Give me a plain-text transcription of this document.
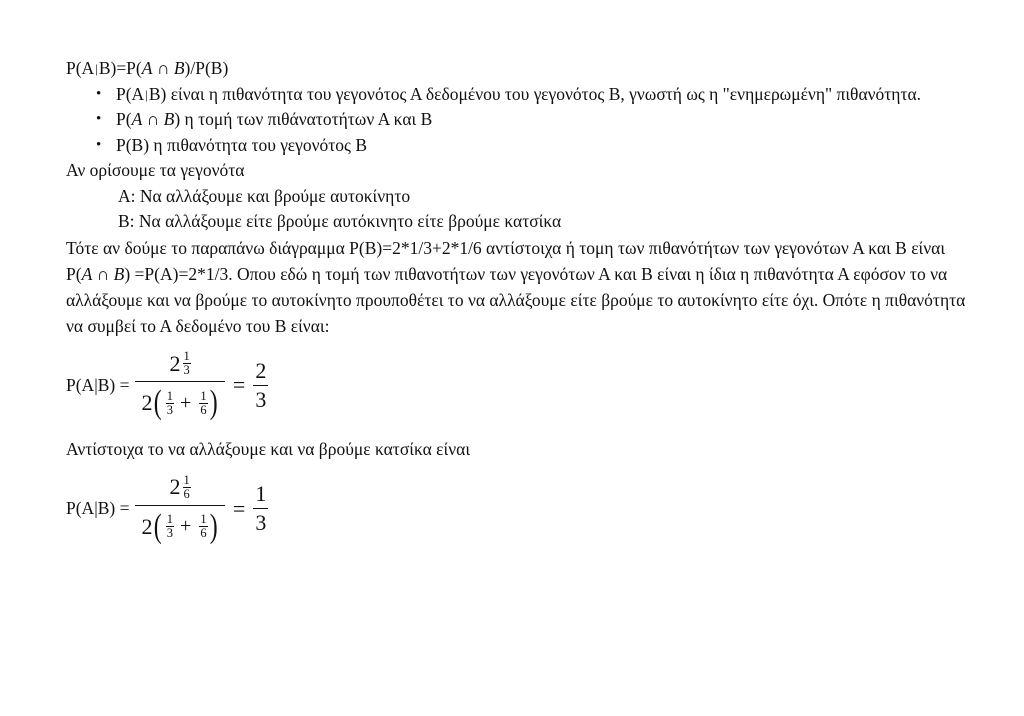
P(A|B)=P(A ∩ B)/P(B)
• P(A|B) είναι η πιθανότητα του γεγονότος Α δεδομένου του γεγονότος Β, γνωστή ως η "ενημερωμένη" πιθανότητα.
• P(A ∩ B) η τομή των πιθάνατοτήτων Α και Β
• P(B) η πιθανότητα του γεγονότος Β
Αν ορίσουμε τα γεγονότα
A: Να αλλάξουμε και βρούμε αυτοκίνητο
B: Να αλλάξουμε είτε βρούμε αυτόκινητο είτε βρούμε κατσίκα
Τότε αν δούμε το παραπάνω διάγραμμα P(B)=2*1/3+2*1/6 αντίστοιχα ή τομη των πιθανότήτων των γεγονότων Α και Β είναι P(A ∩ B) =P(A)=2*1/3. Οπου εδώ η τομή των πιθανοτήτων των γεγονότων Α και Β είναι η ίδια η πιθανότητα Α εφόσον το να αλλάξουμε και να βρούμε το αυτοκίνητο προυποθέτει το να αλλάξουμε είτε βρούμε το αυτοκίνητο είτε όχι. Οπότε η πιθανότητα να συμβεί το Α δεδομένο του Β είναι:
P(A|B) = 2 1
3
2 ( 1
$3 + \frac{1}{6}$ ) = $\frac{2}{3}$
Αντίστοιχα το να αλλάξουμε και να βρούμε κατσίκα είναι
P(A|B) = 2 1
6
2 ( 1
$3 + \frac{1}{6}$ ) = $\frac{1}{3}$
